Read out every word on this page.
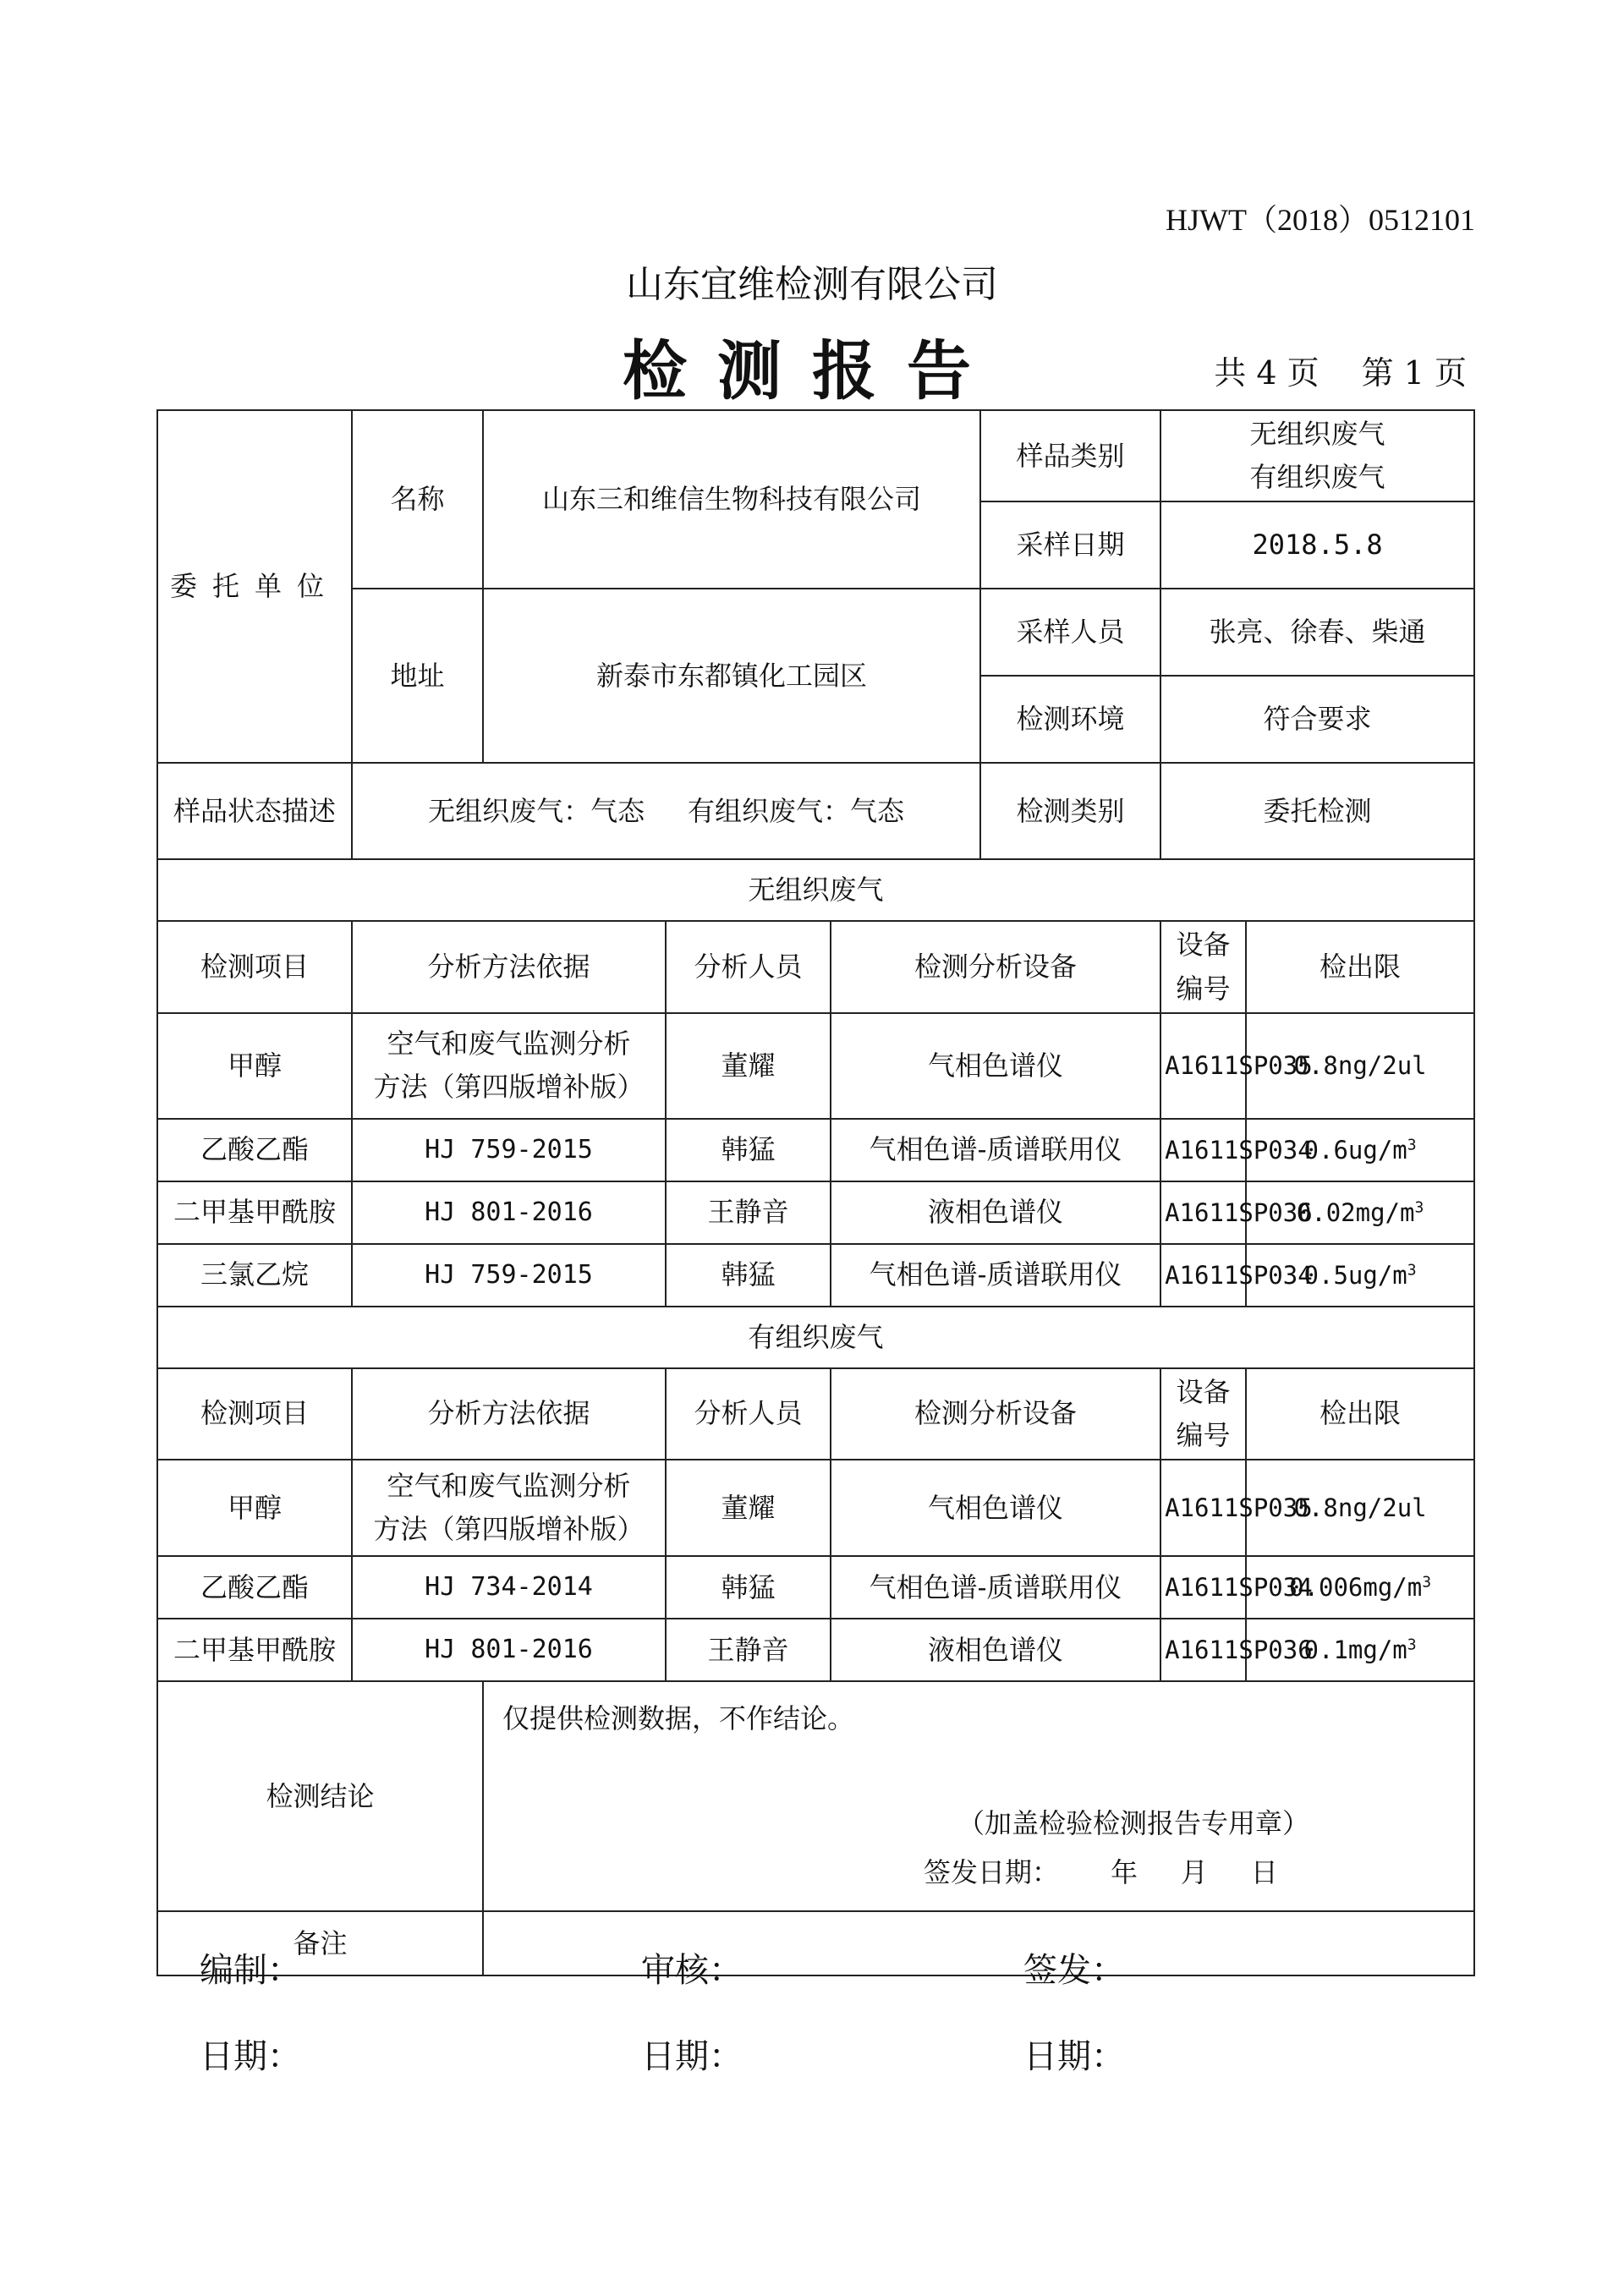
HJWT（2018）0512101
山东宜维检测有限公司
检测报告	共 4 页 第 1 页
委托单位	名称	山东三和维信生物科技有限公司			样品类别	无组织废气
有组织废气	

					采样日期	2018.5.8	
	地址	新泰市东都镇化工园区			采样人员	张亮、徐春、柴通	
					检测环境	符合要求	
样品状态描述	无组织废气：气态     有组织废气：气态				检测类别	委托检测	
无组织废气							
检测项目	分析方法依据		分析人员	检测分析设备		设备编号	检出限
甲醇	空气和废气监测分析
方法（第四版增补版）		董耀	气相色谱仪		A1611SP035	0.8ng/2ul
乙酸乙酯	HJ 759-2015		韩猛	气相色谱-质谱联用仪		A1611SP034	$0.6ug/m^3$
二甲基甲酰胺	HJ 801-2016		王静音	液相色谱仪		A1611SP036	$0.02mg/m^3$
三氯乙烷	HJ 759-2015		韩猛	气相色谱-质谱联用仪		A1611SP034	$0.5ug/m^3$
有组织废气							
检测项目	分析方法依据		分析人员	检测分析设备		设备编号	检出限
甲醇	空气和废气监测分析
方法（第四版增补版）		董耀	气相色谱仪		A1611SP035	0.8ng/2ul
乙酸乙酯	HJ 734-2014		韩猛	气相色谱-质谱联用仪		A1611SP034	$0.006mg/m^3$
二甲基甲酰胺	HJ 801-2016		王静音	液相色谱仪		A1611SP036	$0.1mg/m^3$
检测结论		仅提供检测数据，不作结论。
（加盖检验检测报告专用章）
签发日期：      年     月     日					

备注							
编制：	审核：	签发：
日期：	日期：	日期：
